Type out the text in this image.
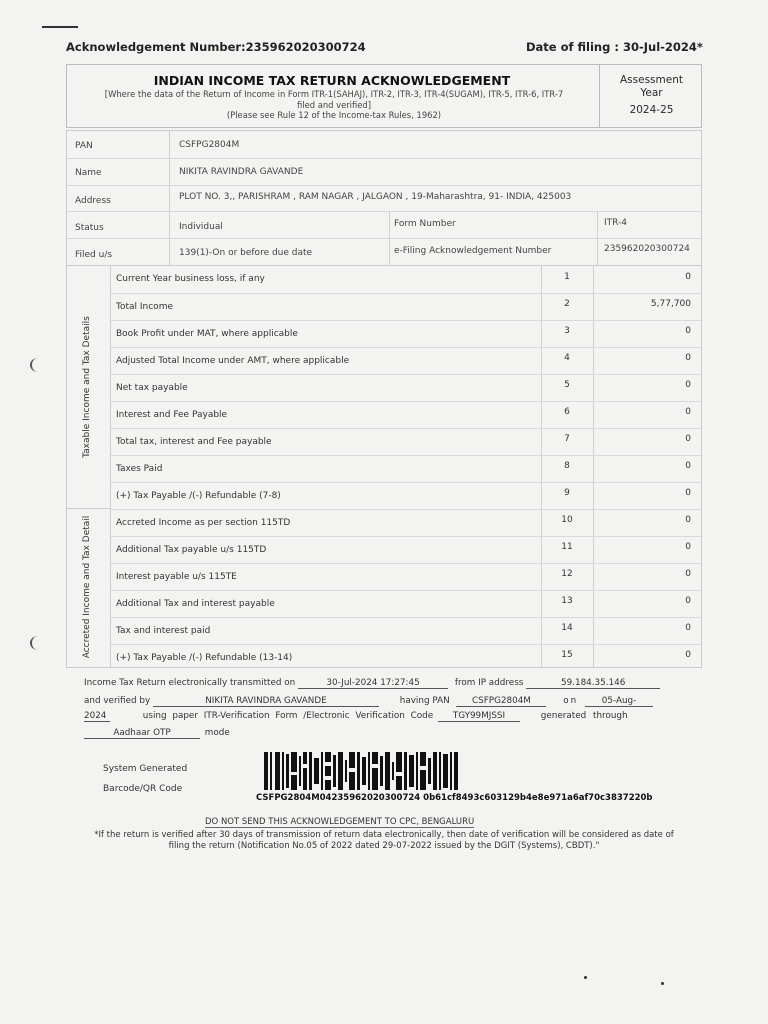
Acknowledgement Number:235962020300724	Date of filing : 30-Jul-2024*
INDIAN INCOME TAX RETURN ACKNOWLEDGEMENT
[Where the data of the Return of Income in Form ITR-1(SAHAJ), ITR-2, ITR-3, ITR-4(SUGAM), ITR-5, ITR-6, ITR-7
filed and verified]
(Please see Rule 12 of the Income-tax Rules, 1962)
Assessment
Year
2024-25
PAN	CSFPG2804M
Name	NIKITA RAVINDRA GAVANDE
Address	PLOT NO. 3,, PARISHRAM , RAM NAGAR , JALGAON , 19-Maharashtra, 91- INDIA, 425003
Status	Individual	Form Number	ITR-4
Filed u/s	139(1)-On or before due date	e-Filing Acknowledgement Number	235962020300724
Taxable Income and Tax Details
Accreted Income and Tax Detail
Current Year business loss, if any	1	0
Total Income	2	5,77,700
Book Profit under MAT, where applicable	3	0
Adjusted Total Income under AMT, where applicable	4	0
Net tax payable	5	0
Interest and Fee Payable	6	0
Total tax, interest and Fee payable	7	0
Taxes Paid	8	0
(+) Tax Payable /(-) Refundable (7-8)	9	0
Accreted Income as per section 115TD	10	0
Additional Tax payable u/s 115TD	11	0
Interest payable u/s 115TE	12	0
Additional Tax and interest payable	13	0
Tax and interest paid	14	0
(+) Tax Payable /(-) Refundable (13-14)	15	0
Income Tax Return electronically transmitted on	30-Jul-2024 17:27:45	from IP address	59.184.35.146
and verified by	NIKITA RAVINDRA GAVANDE	having PAN	CSFPG2804M	on	05-Aug-
2024	using paper ITR-Verification Form /Electronic Verification Code TGY99MJSSI	generated through
Aadhaar OTP	mode
System Generated
Barcode/QR Code
CSFPG2804M04235962020300724 0b61cf8493c603129b4e8e971a6af70c3837220b
DO NOT SEND THIS ACKNOWLEDGEMENT TO CPC, BENGALURU
*If the return is verified after 30 days of transmission of return data electronically, then date of verification will be considered as date of
filing the return (Notification No.05 of 2022 dated 29-07-2022 issued by the DGIT (Systems), CBDT)."
